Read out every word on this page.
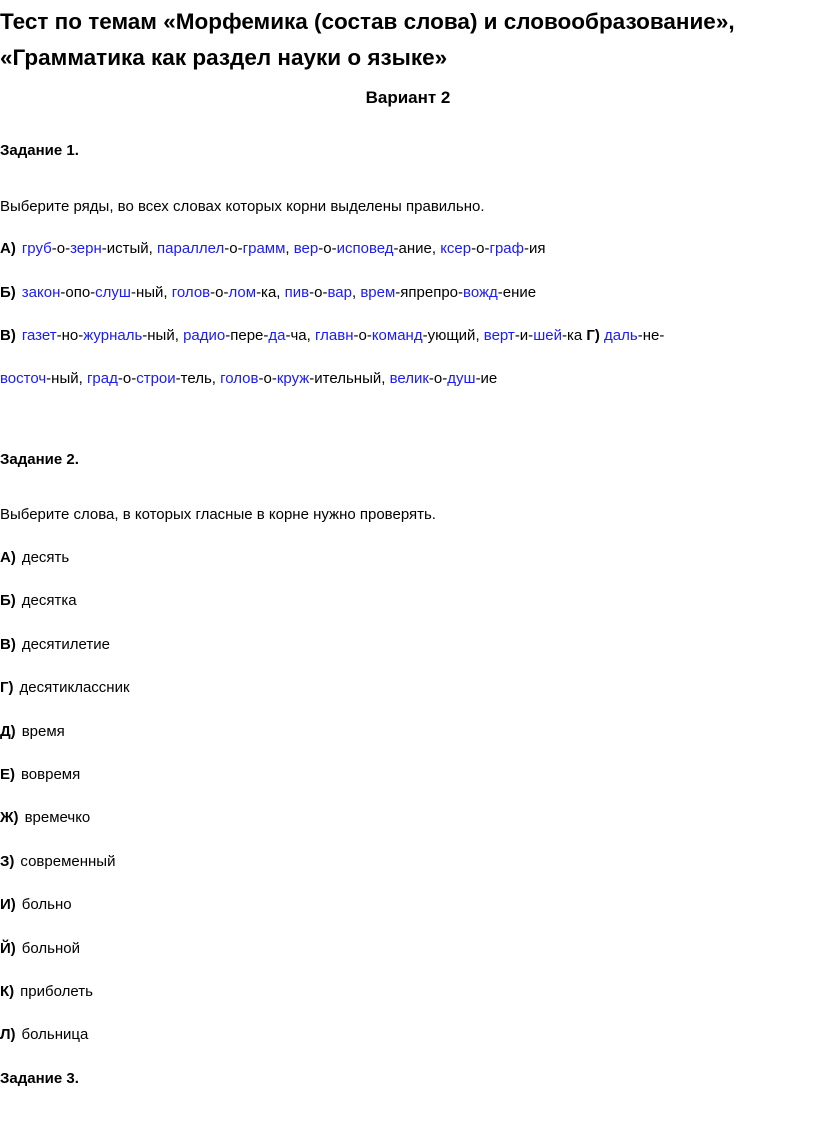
Тест по темам «Морфемика (состав слова) и словообразование»,
«Грамматика как раздел науки о языке»
Вариант 2
Задание 1.
Выберите ряды, во всех словах которых корни выделены правильно.
А) груб-о-зерн-истый, параллел-о-грамм, вер-о-исповед-ание, ксер-о-граф-ия
Б) закон-опо-слуш-ный, голов-о-лом-ка, пив-о-вар, врем-япрепро-вожд-ение
В) газет-но-журналь-ный, радио-пере-да-ча, главн-о-команд-ующий, верт-и-шей-ка Г) даль-не-
восточ-ный, град-о-строи-тель, голов-о-круж-ительный, велик-о-душ-ие
Задание 2.
Выберите слова, в которых гласные в корне нужно проверять.
А) десять
Б) десятка
В) десятилетие
Г) десятиклассник
Д) время
Е) вовремя
Ж) времечко
З) современный
И) больно
Й) больной
К) приболеть
Л) больница
Задание 3.
